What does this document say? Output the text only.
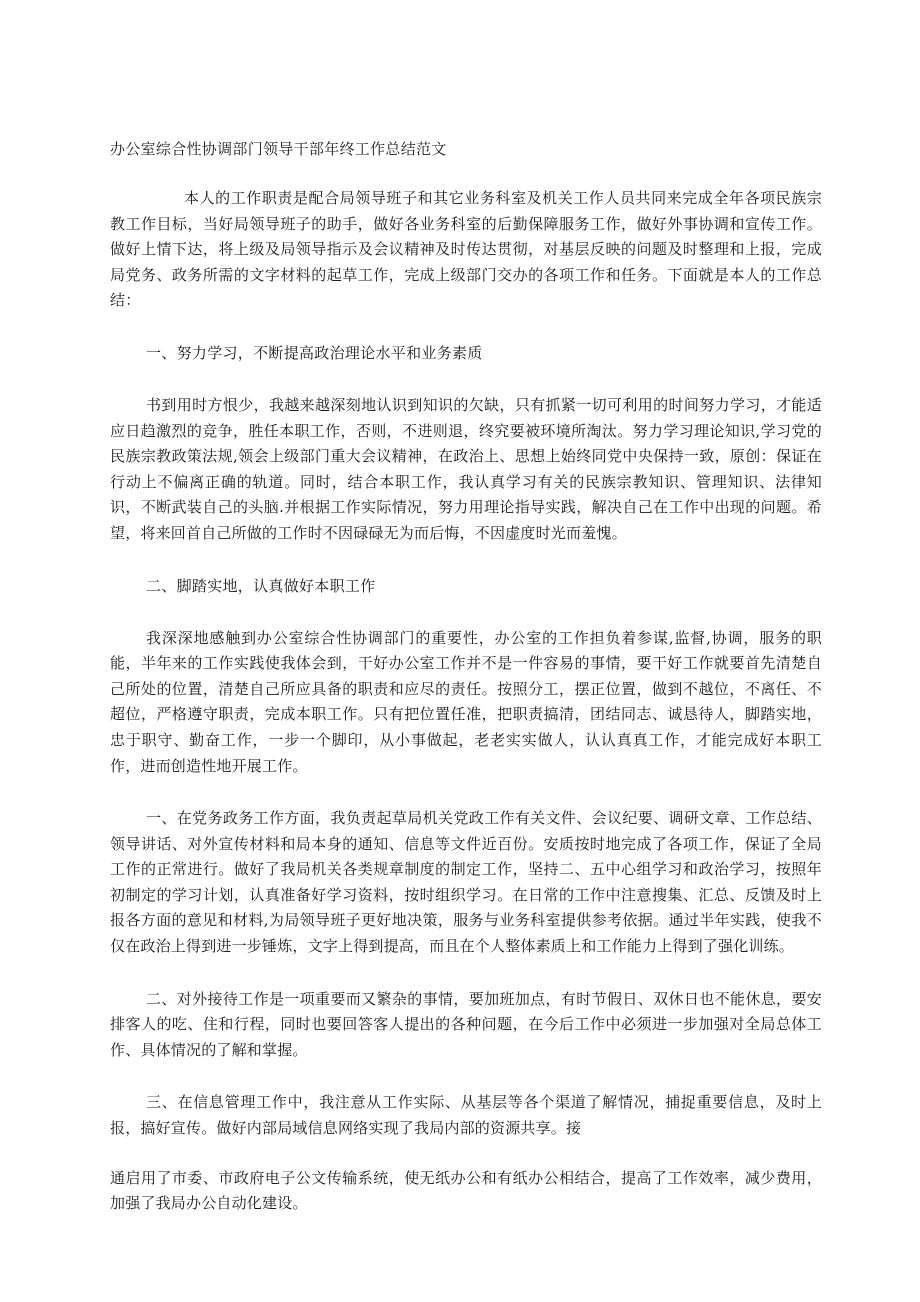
办公室综合性协调部门领导干部年终工作总结范文

本人的工作职责是配合局领导班子和其它业务科室及机关工作人员共同来完成全年各项民族宗教工作目标，当好局领导班子的助手，做好各业务科室的后勤保障服务工作，做好外事协调和宣传工作。做好上情下达，将上级及局领导指示及会议精神及时传达贯彻，对基层反映的问题及时整理和上报，完成局党务、政务所需的文字材料的起草工作，完成上级部门交办的各项工作和任务。下面就是本人的工作总结：

一、努力学习，不断提高政治理论水平和业务素质

书到用时方恨少，我越来越深刻地认识到知识的欠缺，只有抓紧一切可利用的时间努力学习，才能适应日趋激烈的竞争，胜任本职工作，否则，不进则退，终究要被环境所淘汰。努力学习理论知识,学习党的民族宗教政策法规,领会上级部门重大会议精神，在政治上、思想上始终同党中央保持一致，原创：保证在行动上不偏离正确的轨道。同时，结合本职工作，我认真学习有关的民族宗教知识、管理知识、法律知识，不断武装自己的头脑.并根据工作实际情况，努力用理论指导实践，解决自己在工作中出现的问题。希望，将来回首自己所做的工作时不因碌碌无为而后悔，不因虚度时光而羞愧。

二、脚踏实地，认真做好本职工作

我深深地感触到办公室综合性协调部门的重要性，办公室的工作担负着参谋,监督,协调，服务的职能，半年来的工作实践使我体会到，干好办公室工作并不是一件容易的事情，要干好工作就要首先清楚自己所处的位置，清楚自己所应具备的职责和应尽的责任。按照分工，摆正位置，做到不越位，不离任、不超位，严格遵守职责，完成本职工作。只有把位置任准，把职责搞清，团结同志、诚恳待人，脚踏实地，忠于职守、勤奋工作，一步一个脚印，从小事做起，老老实实做人，认认真真工作，才能完成好本职工作，进而创造性地开展工作。

一、在党务政务工作方面，我负责起草局机关党政工作有关文件、会议纪要、调研文章、工作总结、领导讲话、对外宣传材料和局本身的通知、信息等文件近百份。安质按时地完成了各项工作，保证了全局工作的正常进行。做好了我局机关各类规章制度的制定工作，坚持二、五中心组学习和政治学习，按照年初制定的学习计划，认真准备好学习资料，按时组织学习。在日常的工作中注意搜集、汇总、反馈及时上报各方面的意见和材料,为局领导班子更好地决策，服务与业务科室提供参考依据。通过半年实践，使我不仅在政治上得到进一步锤炼，文字上得到提高，而且在个人整体素质上和工作能力上得到了强化训练。

二、对外接待工作是一项重要而又繁杂的事情，要加班加点，有时节假日、双休日也不能休息，要安排客人的吃、住和行程，同时也要回答客人提出的各种问题，在今后工作中必须进一步加强对全局总体工作、具体情况的了解和掌握。

三、在信息管理工作中，我注意从工作实际、从基层等各个渠道了解情况，捕捉重要信息，及时上报，搞好宣传。做好内部局域信息网络实现了我局内部的资源共享。接

通启用了市委、市政府电子公文传输系统，使无纸办公和有纸办公相结合，提高了工作效率，减少费用，加强了我局办公自动化建设。
